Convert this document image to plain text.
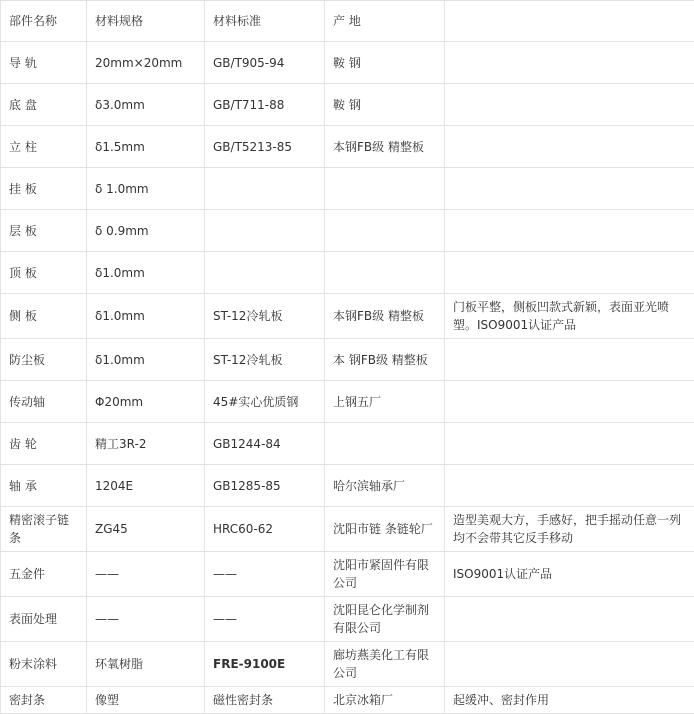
部件名称	材料规格	材料标准	产 地	
导 轨	20mm×20mm	GB/T905-94	鞍 钢	
底 盘	δ3.0mm	GB/T711-88	鞍 钢	
立 柱	δ1.5mm	GB/T5213-85	本钢FB级 精整板	
挂 板	δ 1.0mm			
层 板	δ 0.9mm			
顶 板	δ1.0mm			
侧 板	δ1.0mm	ST-12冷轧板	本钢FB级 精整板	门板平整，侧板凹款式新颖，表面亚光喷塑。ISO9001认证产品
防尘板	δ1.0mm	ST-12冷轧板	本 钢FB级 精整板	
传动轴	Φ20mm	45#实心优质钢	上钢五厂	
齿 轮	精工3R-2	GB1244-84		
轴 承	1204E	GB1285-85	哈尔滨轴承厂	
精密滚子链条	ZG45	HRC60-62	沈阳市链 条链轮厂	造型美观大方，手感好，把手摇动任意一列均不会带其它反手移动
五金件	——	——	沈阳市紧固件有限公司	ISO9001认证产品
表面处理	——	——	沈阳昆仑化学制剂有限公司	
粉末涂料	环氧树脂	FRE-9100E	廊坊燕美化工有限公司	
密封条	像塑	磁性密封条	北京冰箱厂	起缓冲、密封作用
